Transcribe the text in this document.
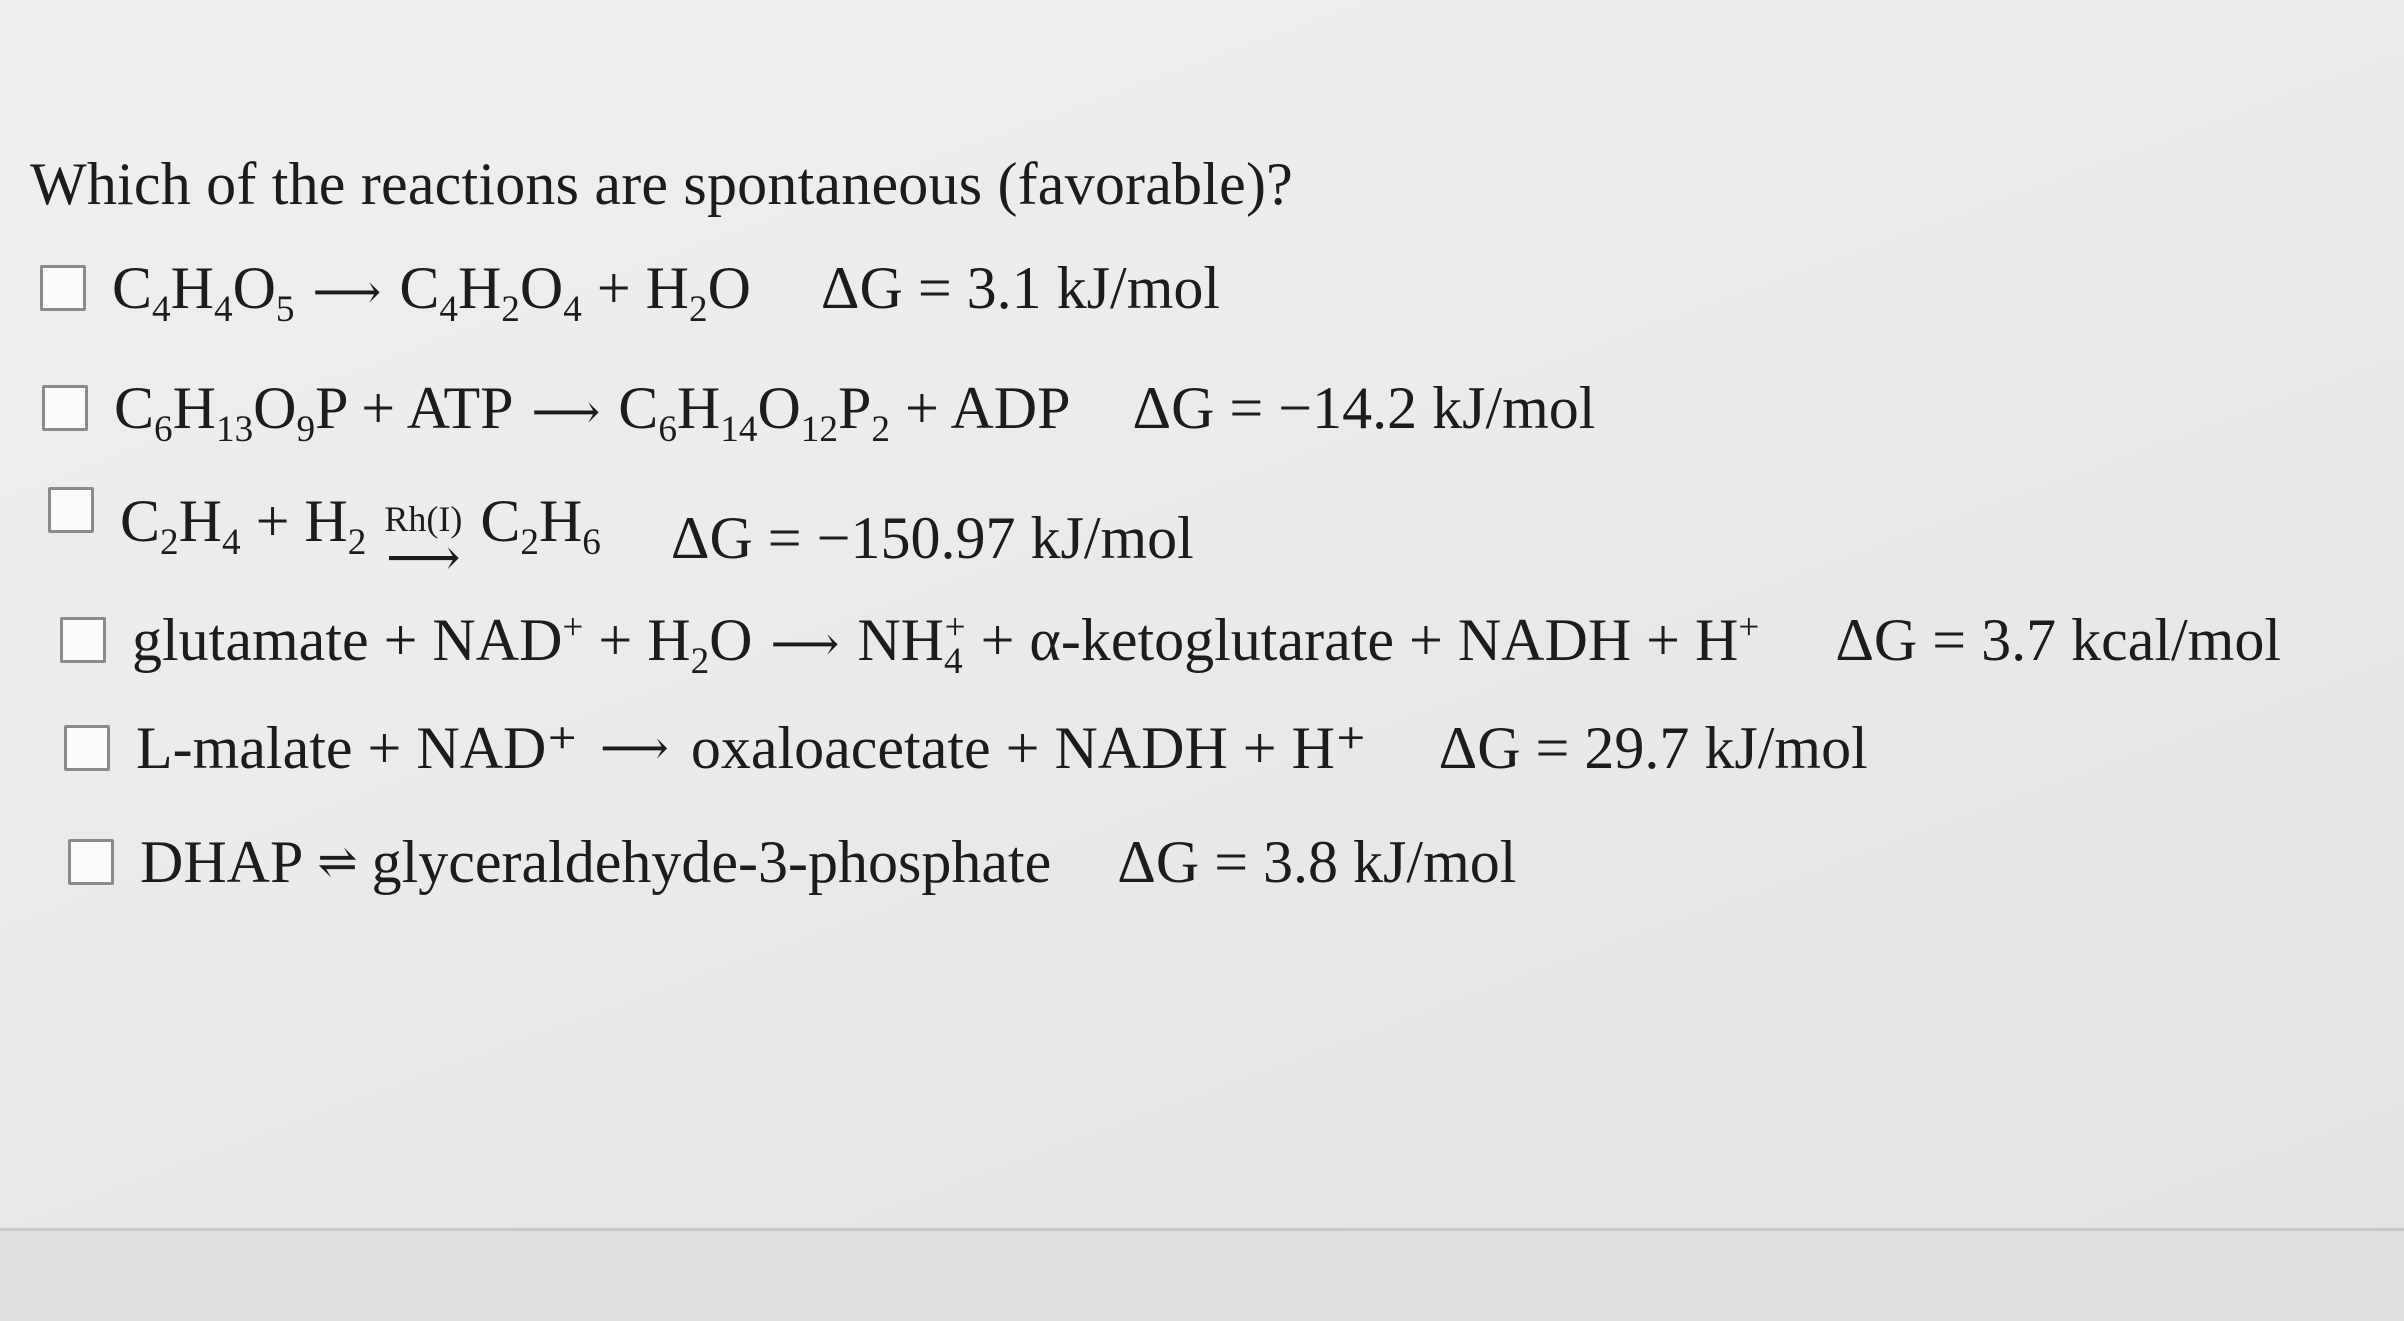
Which of the reactions are spontaneous (favorable)?
$C_4H_4O_5$ ⟶ $C_4H_2O_4 + H_2O$ ΔG = 3.1 kJ/mol
$C_6H_{13}O_9P$ + ATP ⟶ $C_6H_{14}O_{12}P_2$ + ADP ΔG = −14.2 kJ/mol
$C_2H_4 + H_2$
Rh(I)
⟶
$C_2H_6$ ΔG = −150.97 kJ/mol
glutamate + $NAD^+ + H_2O$ ⟶ $NH_4^+$ + α-ketoglutarate + NADH + H+ ΔG = 3.7 kcal/mol
L-malate + NAD⁺ ⟶ oxaloacetate + NADH + H⁺ ΔG = 29.7 kJ/mol
DHAP ⇌ glyceraldehyde-3-phosphate ΔG = 3.8 kJ/mol
